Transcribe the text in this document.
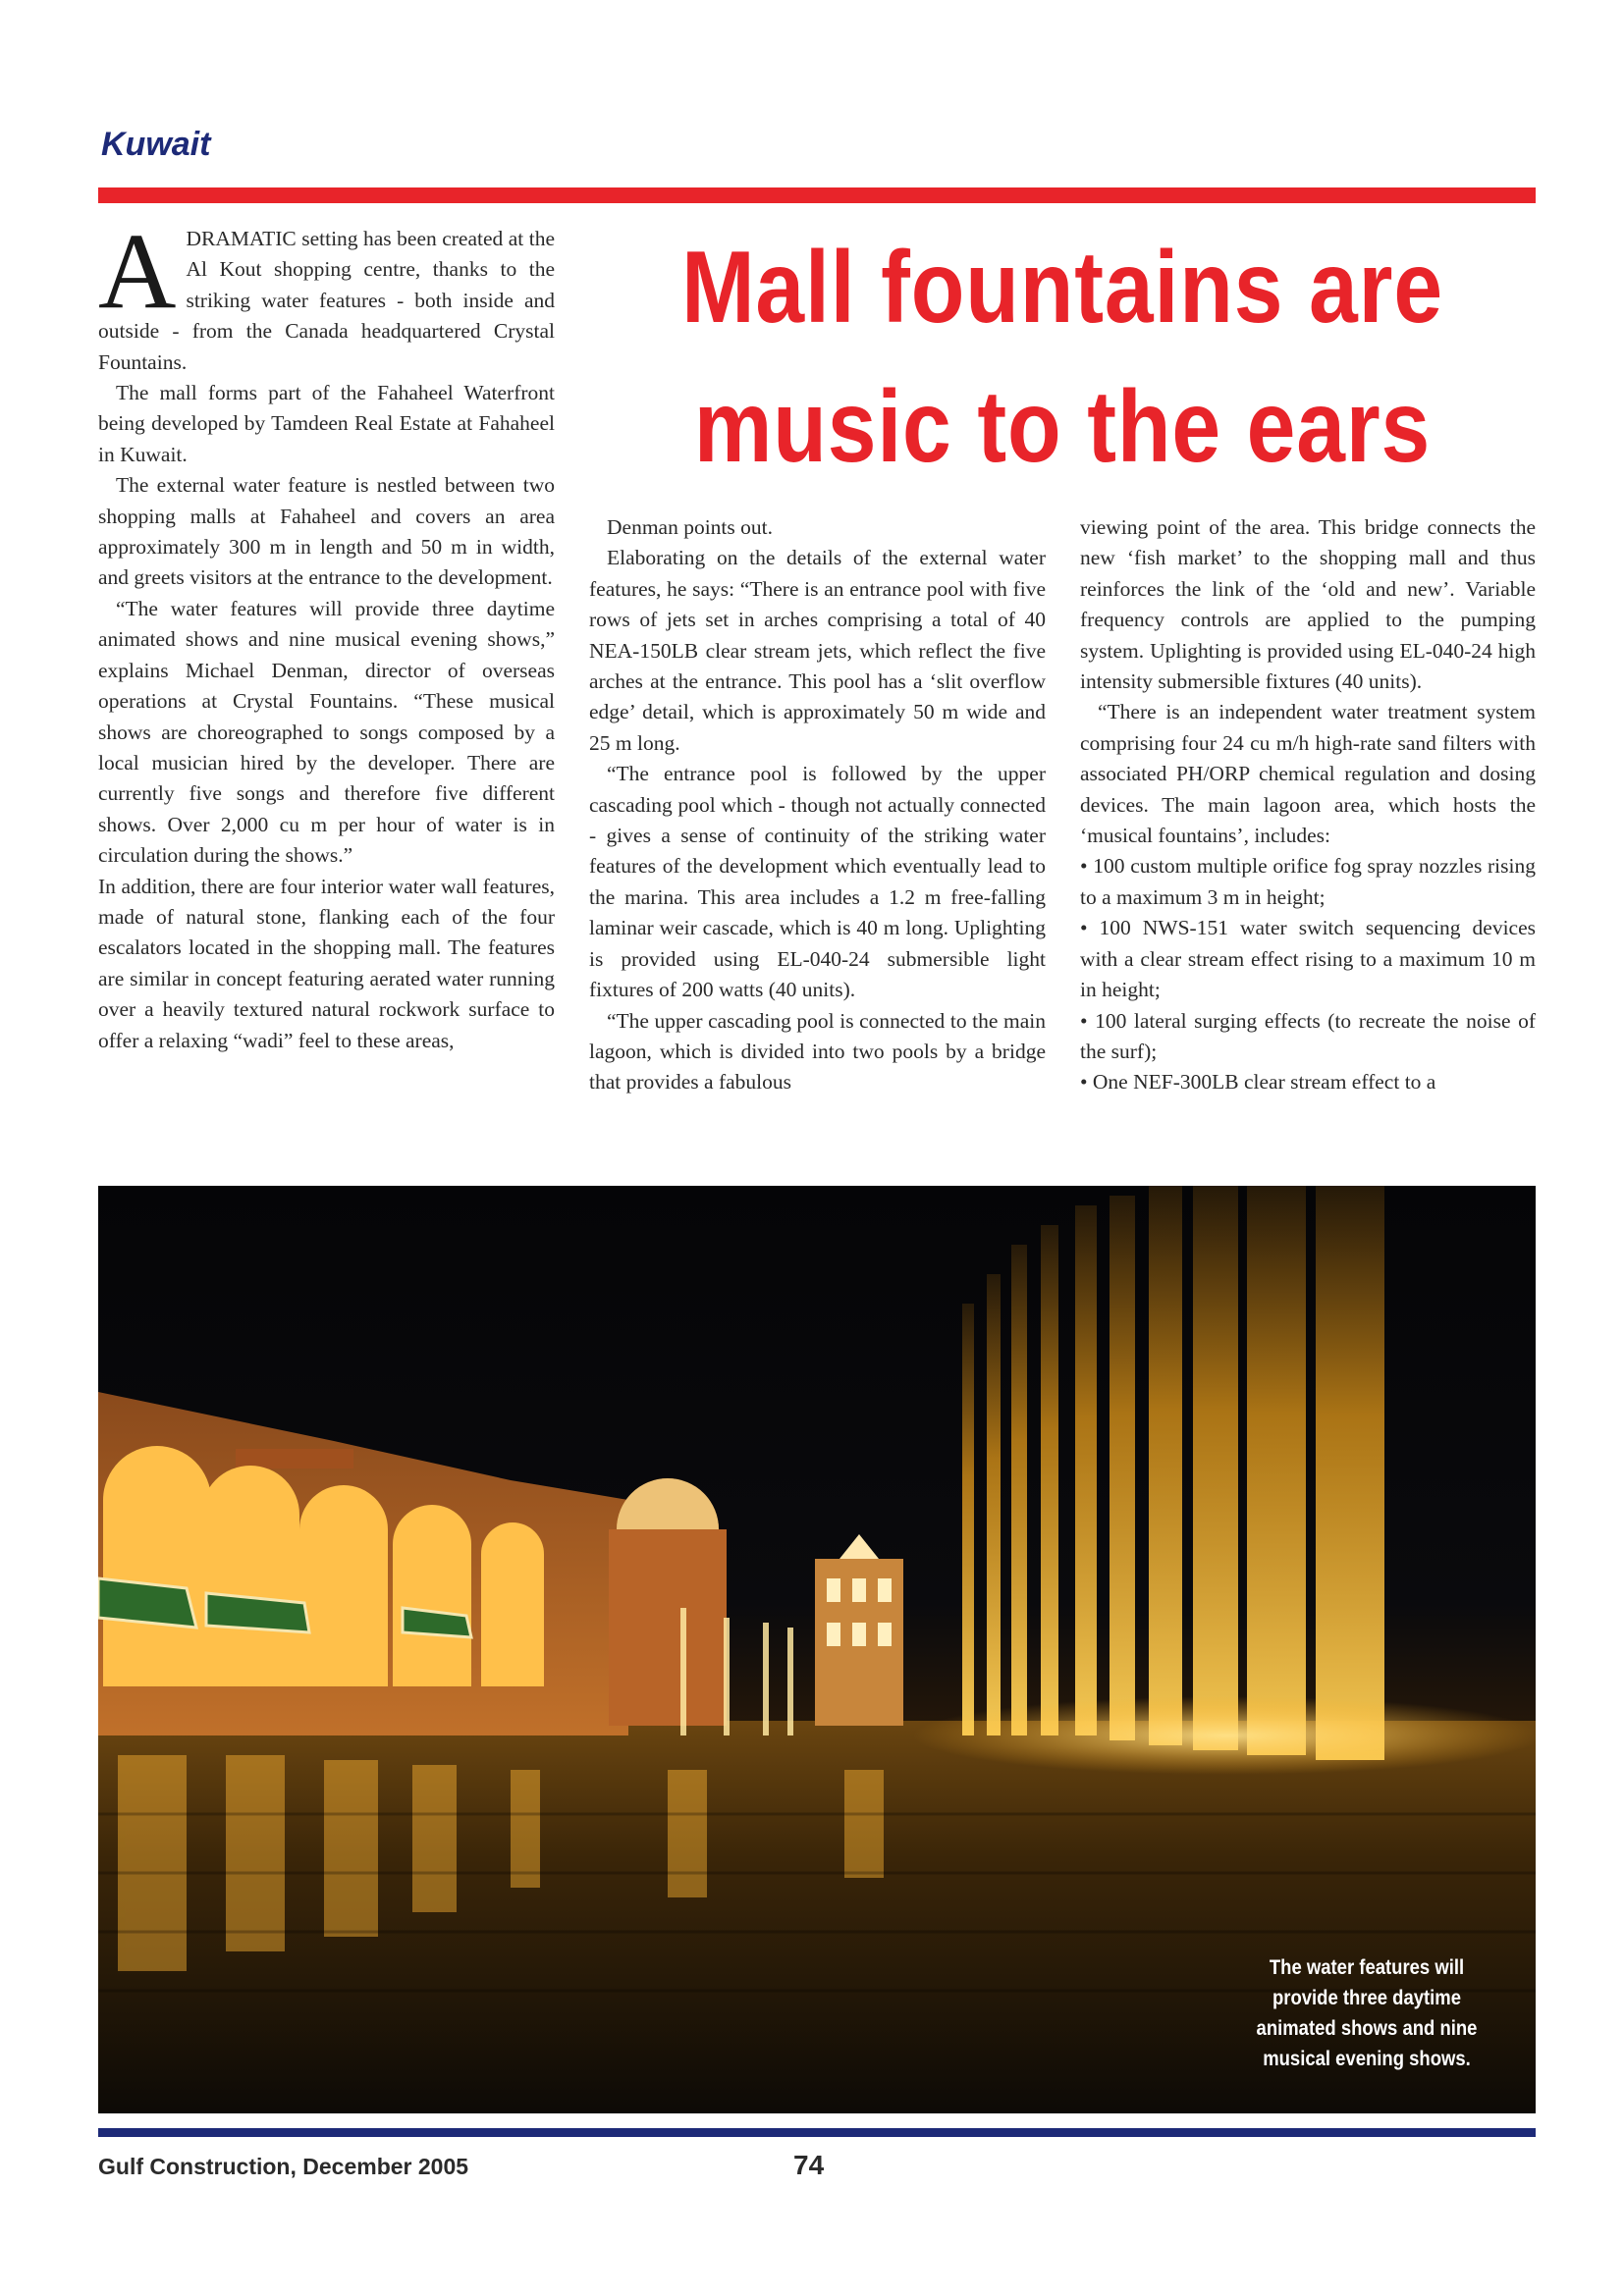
Kuwait
Mall fountains are music to the ears

ADRAMATIC setting has been created at the Al Kout shopping centre, thanks to the striking water features - both inside and outside - from the Canada headquartered Crystal Fountains.

The mall forms part of the Fahaheel Waterfront being developed by Tamdeen Real Estate at Fahaheel in Kuwait.

The external water feature is nestled between two shopping malls at Fahaheel and covers an area approximately 300 m in length and 50 m in width, and greets visitors at the entrance to the development.

“The water features will provide three daytime animated shows and nine musical evening shows,” explains Michael Denman, director of overseas operations at Crystal Fountains. “These musical shows are choreographed to songs composed by a local musician hired by the developer. There are currently five songs and therefore five different shows. Over 2,000 cu m per hour of water is in circulation during the shows.”

In addition, there are four interior water wall features, made of natural stone, flanking each of the four escalators located in the shopping mall. The features are similar in concept featuring aerated water running over a heavily textured natural rockwork surface to offer a relaxing “wadi” feel to these areas,

Denman points out.

Elaborating on the details of the external water features, he says: “There is an entrance pool with five rows of jets set in arches comprising a total of 40 NEA-150LB clear stream jets, which reflect the five arches at the entrance. This pool has a ‘slit overflow edge’ detail, which is approximately 50 m wide and 25 m long.

“The entrance pool is followed by the upper cascading pool which - though not actually connected - gives a sense of continuity of the striking water features of the development which eventually lead to the marina. This area includes a 1.2 m free-falling laminar weir cascade, which is 40 m long. Uplighting is provided using EL-040-24 submersible light fixtures of 200 watts (40 units).

“The upper cascading pool is connected to the main lagoon, which is divided into two pools by a bridge that provides a fabulous

viewing point of the area. This bridge connects the new ‘fish market’ to the shopping mall and thus reinforces the link of the ‘old and new’. Variable frequency controls are applied to the pumping system. Uplighting is provided using EL-040-24 high intensity submersible fixtures (40 units).

“There is an independent water treatment system comprising four 24 cu m/h high-rate sand filters with associated PH/ORP chemical regulation and dosing devices. The main lagoon area, which hosts the ‘musical fountains’, includes:

• 100 custom multiple orifice fog spray nozzles rising to a maximum 3 m in height;

• 100 NWS-151 water switch sequencing devices with a clear stream effect rising to a maximum 10 m in height;

• 100 lateral surging effects (to recreate the noise of the surf);

• One NEF-300LB clear stream effect to a

The water features will provide three daytime animated shows and nine musical evening shows.
Gulf Construction, December 2005	74
